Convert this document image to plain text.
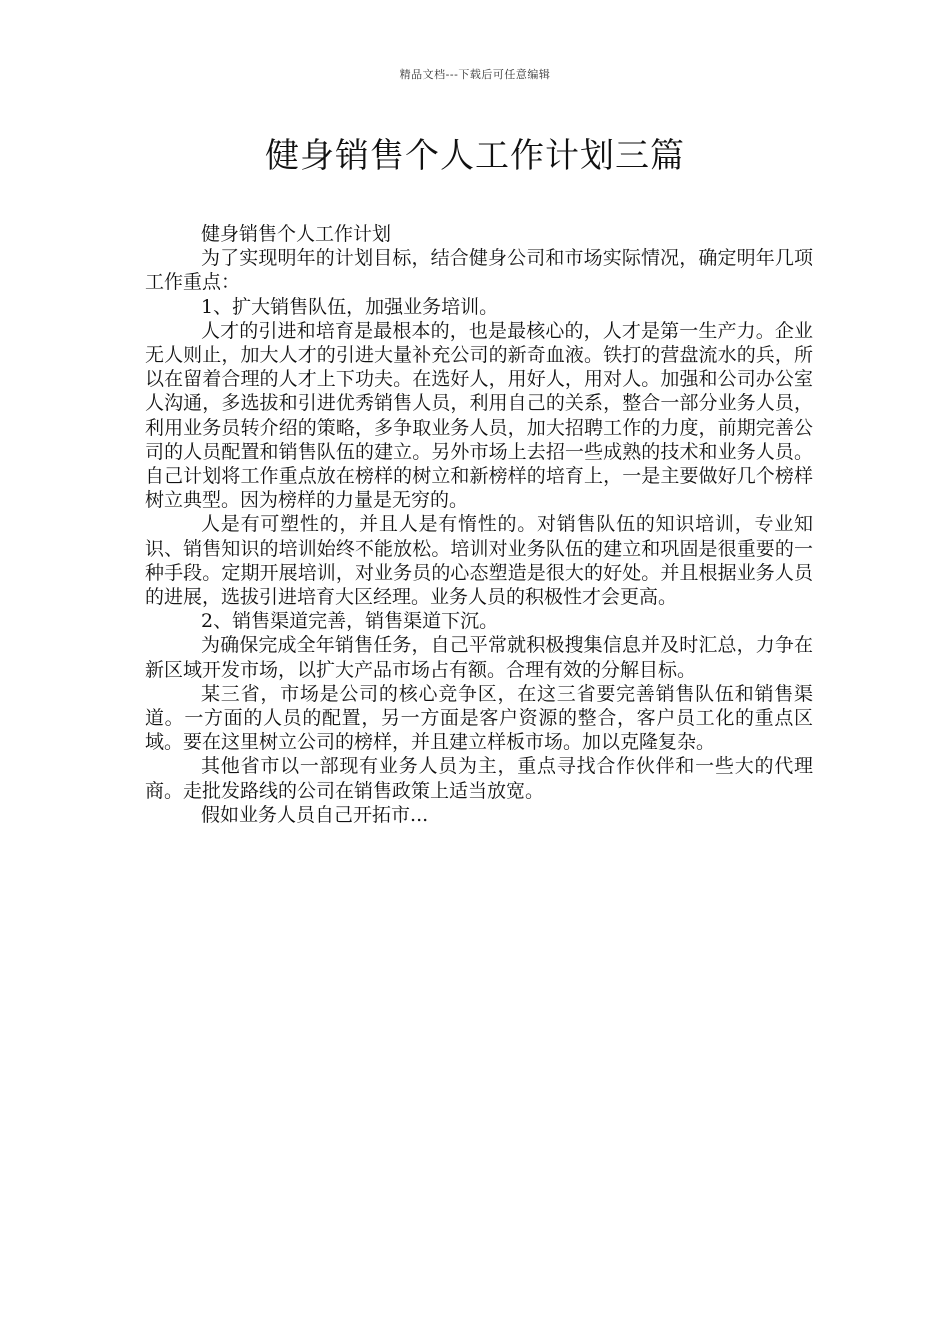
精品文档---下载后可任意编辑
健身销售个人工作计划三篇

健身销售个人工作计划

为了实现明年的计划目标，结合健身公司和市场实际情况，确定明年几项工作重点：

1、扩大销售队伍，加强业务培训。

人才的引进和培育是最根本的，也是最核心的，人才是第一生产力。企业无人则止，加大人才的引进大量补充公司的新奇血液。铁打的营盘流水的兵，所以在留着合理的人才上下功夫。在选好人，用好人，用对人。加强和公司办公室人沟通，多选拔和引进优秀销售人员，利用自己的关系，整合一部分业务人员，利用业务员转介绍的策略，多争取业务人员，加大招聘工作的力度，前期完善公司的人员配置和销售队伍的建立。另外市场上去招一些成熟的技术和业务人员。自己计划将工作重点放在榜样的树立和新榜样的培育上，一是主要做好几个榜样树立典型。因为榜样的力量是无穷的。

人是有可塑性的，并且人是有惰性的。对销售队伍的知识培训，专业知识、销售知识的培训始终不能放松。培训对业务队伍的建立和巩固是很重要的一种手段。定期开展培训，对业务员的心态塑造是很大的好处。并且根据业务人员的进展，选拔引进培育大区经理。业务人员的积极性才会更高。

2、销售渠道完善，销售渠道下沉。

为确保完成全年销售任务，自己平常就积极搜集信息并及时汇总，力争在新区域开发市场，以扩大产品市场占有额。合理有效的分解目标。

某三省，市场是公司的核心竞争区，在这三省要完善销售队伍和销售渠道。一方面的人员的配置，另一方面是客户资源的整合，客户员工化的重点区域。要在这里树立公司的榜样，并且建立样板市场。加以克隆复杂。

其他省市以一部现有业务人员为主，重点寻找合作伙伴和一些大的代理商。走批发路线的公司在销售政策上适当放宽。

假如业务人员自己开拓市...
